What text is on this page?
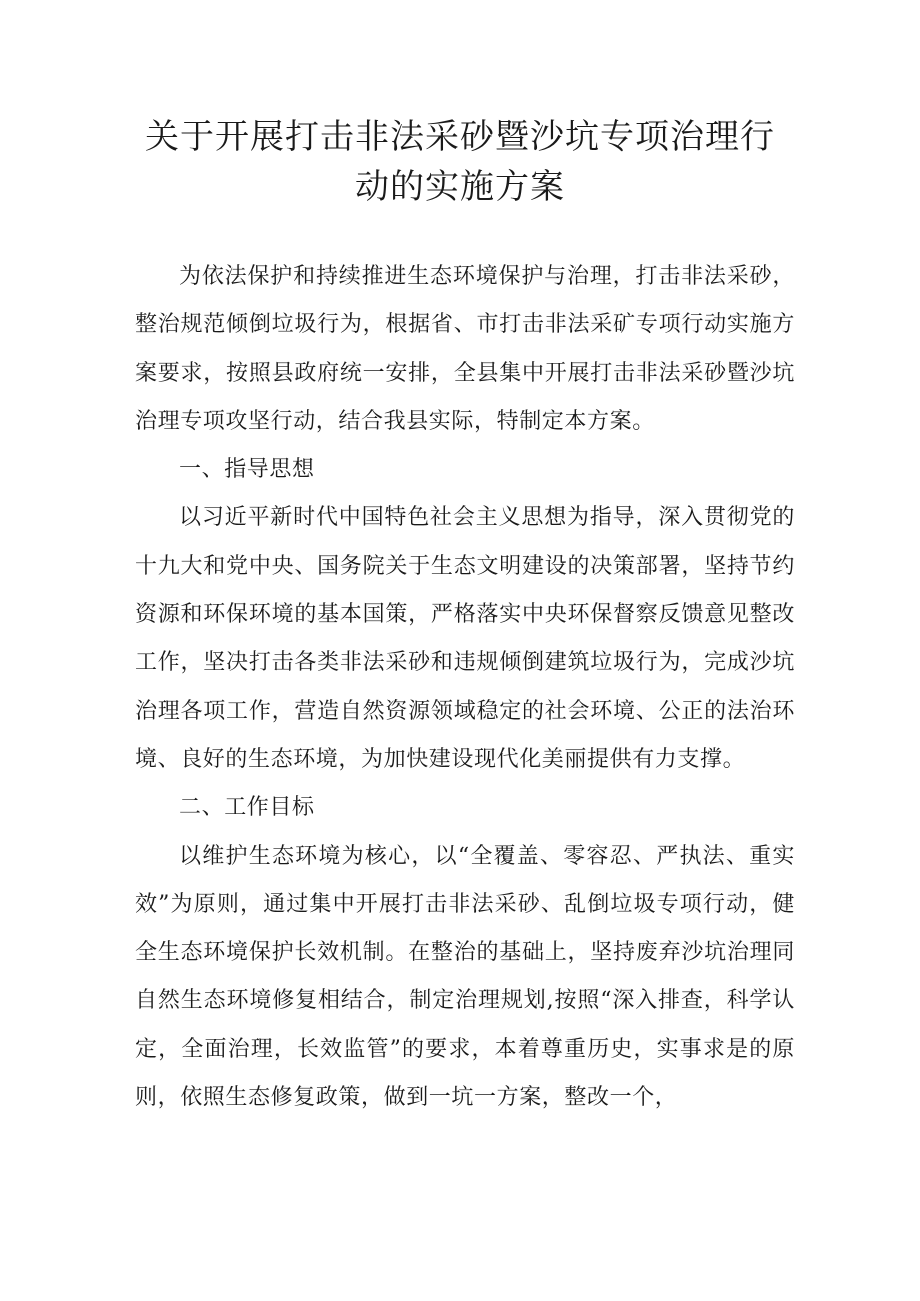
关于开展打击非法采砂暨沙坑专项治理行
动的实施方案

为依法保护和持续推进生态环境保护与治理，打击非法采砂，整治规范倾倒垃圾行为，根据省、市打击非法采矿专项行动实施方案要求，按照县政府统一安排，全县集中开展打击非法采砂暨沙坑治理专项攻坚行动，结合我县实际，特制定本方案。

一、指导思想

以习近平新时代中国特色社会主义思想为指导，深入贯彻党的十九大和党中央、国务院关于生态文明建设的决策部署，坚持节约资源和环保环境的基本国策，严格落实中央环保督察反馈意见整改工作，坚决打击各类非法采砂和违规倾倒建筑垃圾行为，完成沙坑治理各项工作，营造自然资源领域稳定的社会环境、公正的法治环境、良好的生态环境，为加快建设现代化美丽提供有力支撑。

二、工作目标

以维护生态环境为核心，以“全覆盖、零容忍、严执法、重实效”为原则，通过集中开展打击非法采砂、乱倒垃圾专项行动，健全生态环境保护长效机制。在整治的基础上，坚持废弃沙坑治理同自然生态环境修复相结合，制定治理规划,按照“深入排查，科学认定，全面治理，长效监管”的要求，本着尊重历史，实事求是的原则，依照生态修复政策，做到一坑一方案，整改一个，
